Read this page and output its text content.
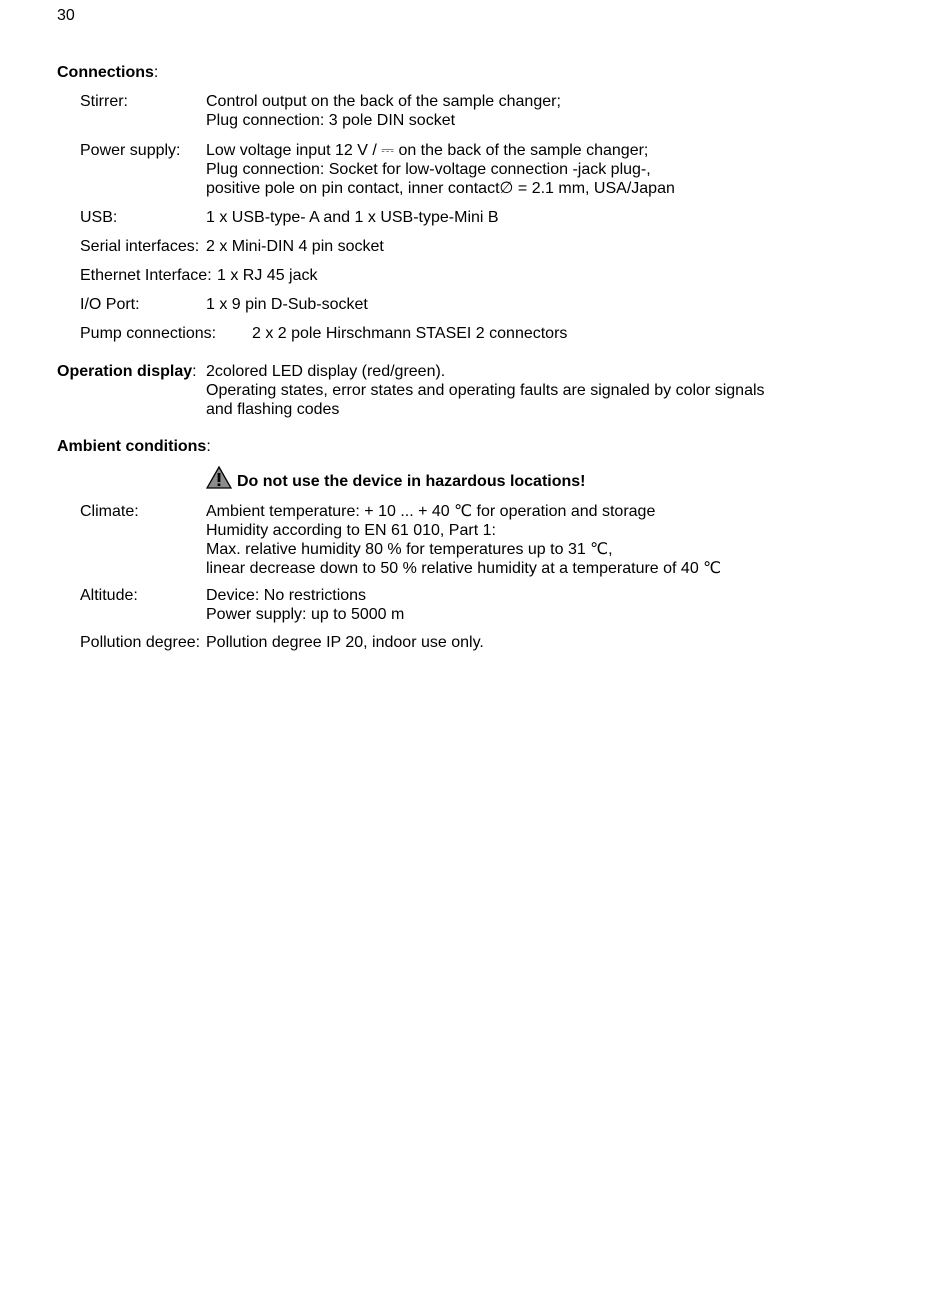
30
Connections:
Stirrer:	Control output on the back of the sample changer;
Plug connection: 3 pole DIN socket
Power supply: Low voltage input 12 V / ⎓ on the back of the sample changer;
Plug connection: Socket for low-voltage connection -jack plug-,
positive pole on pin contact, inner contact∅ = 2.1 mm, USA/Japan
USB:	1 x USB-type- A and 1 x USB-type-Mini B
Serial interfaces: 2 x Mini-DIN 4 pin socket
Ethernet Interface: 1 x RJ 45 jack
I/O Port:	1 x 9 pin D-Sub-socket
Pump connections: 2 x 2 pole Hirschmann STASEI 2 connectors
Operation display: 2colored LED display (red/green).
Operating states, error states and operating faults are signaled by color signals
and flashing codes
Ambient conditions:
Do not use the device in hazardous locations!
Climate:	Ambient temperature: + 10 ... + 40 ℃ for operation and storage
Humidity according to EN 61 010, Part 1:
Max. relative humidity 80 % for temperatures up to 31 ℃,
linear decrease down to 50 % relative humidity at a temperature of 40 ℃
Altitude:	Device: No restrictions
Power supply: up to 5000 m
Pollution degree: Pollution degree IP 20, indoor use only.
